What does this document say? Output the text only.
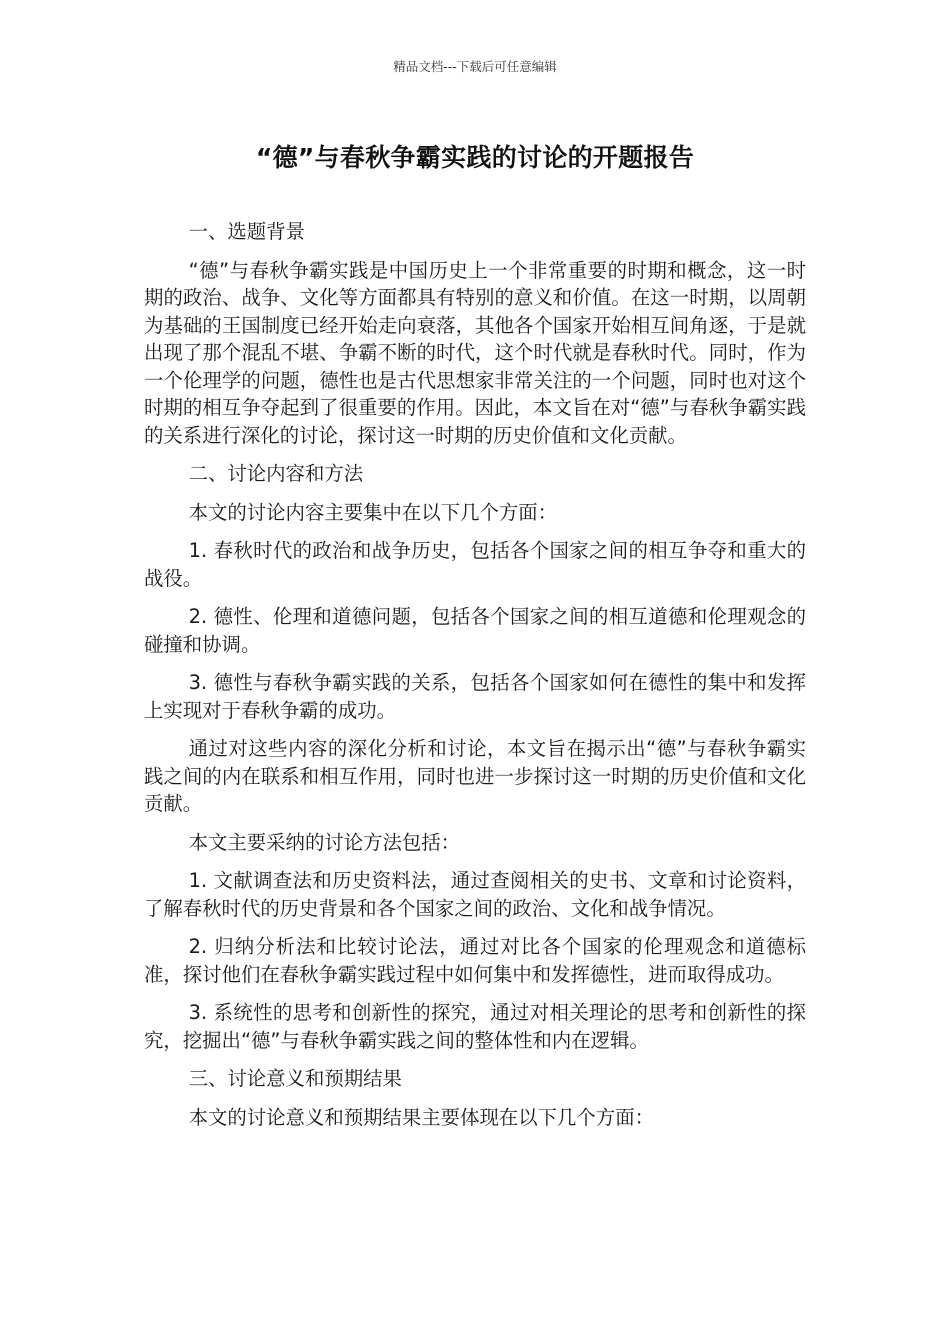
精品文档---下载后可任意编辑
“德”与春秋争霸实践的讨论的开题报告

一、选题背景

“德”与春秋争霸实践是中国历史上一个非常重要的时期和概念，这一时期的政治、战争、文化等方面都具有特别的意义和价值。在这一时期，以周朝为基础的王国制度已经开始走向衰落，其他各个国家开始相互间角逐，于是就出现了那个混乱不堪、争霸不断的时代，这个时代就是春秋时代。同时，作为一个伦理学的问题，德性也是古代思想家非常关注的一个问题，同时也对这个时期的相互争夺起到了很重要的作用。因此，本文旨在对“德”与春秋争霸实践的关系进行深化的讨论，探讨这一时期的历史价值和文化贡献。

二、讨论内容和方法

本文的讨论内容主要集中在以下几个方面：

1. 春秋时代的政治和战争历史，包括各个国家之间的相互争夺和重大的战役。

2. 德性、伦理和道德问题，包括各个国家之间的相互道德和伦理观念的碰撞和协调。

3. 德性与春秋争霸实践的关系，包括各个国家如何在德性的集中和发挥上实现对于春秋争霸的成功。

通过对这些内容的深化分析和讨论，本文旨在揭示出“德”与春秋争霸实践之间的内在联系和相互作用，同时也进一步探讨这一时期的历史价值和文化贡献。

本文主要采纳的讨论方法包括：

1. 文献调查法和历史资料法，通过查阅相关的史书、文章和讨论资料，了解春秋时代的历史背景和各个国家之间的政治、文化和战争情况。

2. 归纳分析法和比较讨论法，通过对比各个国家的伦理观念和道德标准，探讨他们在春秋争霸实践过程中如何集中和发挥德性，进而取得成功。

3. 系统性的思考和创新性的探究，通过对相关理论的思考和创新性的探究，挖掘出“德”与春秋争霸实践之间的整体性和内在逻辑。

三、讨论意义和预期结果

本文的讨论意义和预期结果主要体现在以下几个方面：
